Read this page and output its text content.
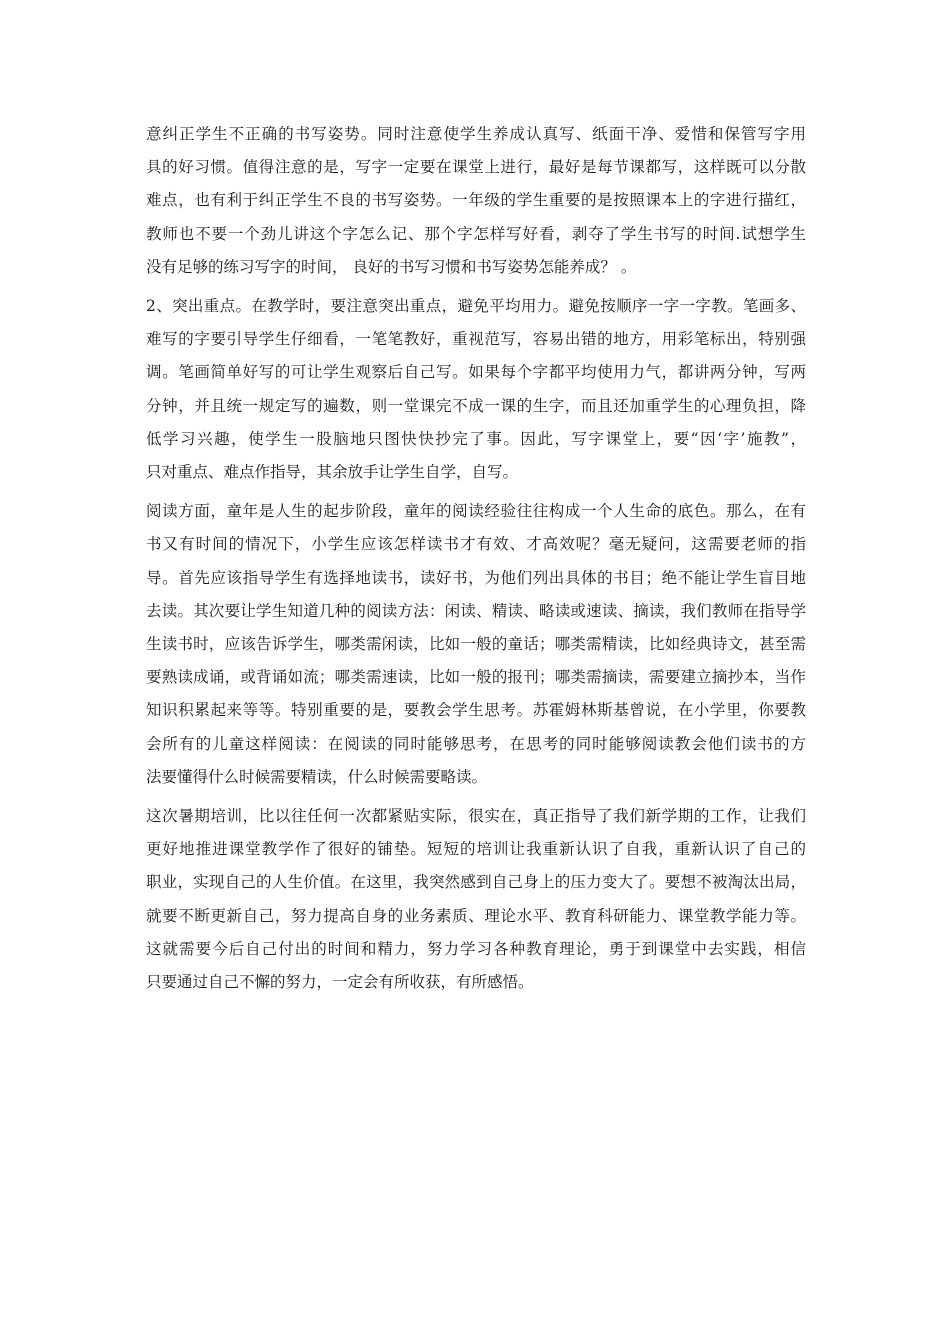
意纠正学生不正确的书写姿势。同时注意使学生养成认真写、纸面干净、爱惜和保管写字用
具的好习惯。值得注意的是，写字一定要在课堂上进行，最好是每节课都写，这样既可以分散
难点，也有利于纠正学生不良的书写姿势。一年级的学生重要的是按照课本上的字进行描红，
教师也不要一个劲儿讲这个字怎么记、那个字怎样写好看，剥夺了学生书写的时间.试想学生
没有足够的练习写字的时间， 良好的书写习惯和书写姿势怎能养成？ 。

2、突出重点。在教学时，要注意突出重点，避免平均用力。避免按顺序一字一字教。笔画多、
难写的字要引导学生仔细看，一笔笔教好，重视范写，容易出错的地方，用彩笔标出，特别强
调。笔画简单好写的可让学生观察后自己写。如果每个字都平均使用力气，都讲两分钟，写两
分钟，并且统一规定写的遍数，则一堂课完不成一课的生字，而且还加重学生的心理负担，降
低学习兴趣，使学生一股脑地只图快快抄完了事。因此，写字课堂上，要“因‘字’施教”，
只对重点、难点作指导，其余放手让学生自学，自写。

阅读方面，童年是人生的起步阶段，童年的阅读经验往往构成一个人生命的底色。那么，在有
书又有时间的情况下，小学生应该怎样读书才有效、才高效呢？毫无疑问，这需要老师的指
导。首先应该指导学生有选择地读书，读好书，为他们列出具体的书目；绝不能让学生盲目地
去读。其次要让学生知道几种的阅读方法：闲读、精读、略读或速读、摘读，我们教师在指导学
生读书时，应该告诉学生，哪类需闲读，比如一般的童话；哪类需精读，比如经典诗文，甚至需
要熟读成诵，或背诵如流；哪类需速读，比如一般的报刊；哪类需摘读，需要建立摘抄本，当作
知识积累起来等等。特别重要的是，要教会学生思考。苏霍姆林斯基曾说，在小学里，你要教
会所有的儿童这样阅读：在阅读的同时能够思考，在思考的同时能够阅读教会他们读书的方
法要懂得什么时候需要精读，什么时候需要略读。

这次暑期培训，比以往任何一次都紧贴实际，很实在，真正指导了我们新学期的工作，让我们
更好地推进课堂教学作了很好的铺垫。短短的培训让我重新认识了自我，重新认识了自己的
职业，实现自己的人生价值。在这里，我突然感到自己身上的压力变大了。要想不被淘汰出局，
就要不断更新自己，努力提高自身的业务素质、理论水平、教育科研能力、课堂教学能力等。
这就需要今后自己付出的时间和精力，努力学习各种教育理论，勇于到课堂中去实践，相信
只要通过自己不懈的努力，一定会有所收获，有所感悟。
